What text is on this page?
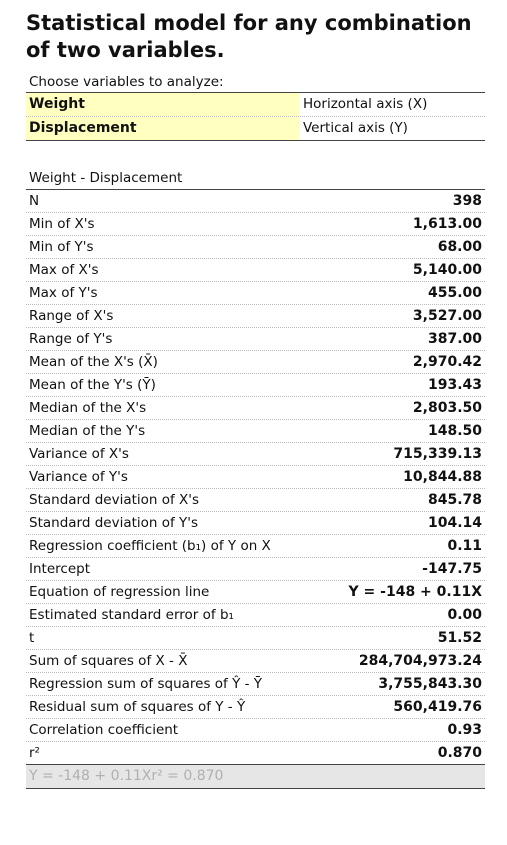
Statistical model for any combination of two variables.
Choose variables to analyze:
Weight	Horizontal axis (X)
Displacement	Vertical axis (Y)
Weight - Displacement
N	398
Min of X's	1,613.00
Min of Y's	68.00
Max of X's	5,140.00
Max of Y's	455.00
Range of X's	3,527.00
Range of Y's	387.00
Mean of the X's (X̄)	2,970.42
Mean of the Y's (Ȳ)	193.43
Median of the X's	2,803.50
Median of the Y's	148.50
Variance of X's	715,339.13
Variance of Y's	10,844.88
Standard deviation of X's	845.78
Standard deviation of Y's	104.14
Regression coefficient (b₁) of Y on X	0.11
Intercept	-147.75
Equation of regression line	Y = -148 + 0.11X
Estimated standard error of b₁	0.00
t	51.52
Sum of squares of X - X̄	284,704,973.24
Regression sum of squares of Ŷ - Ȳ	3,755,843.30
Residual sum of squares of Y - Ŷ	560,419.76
Correlation coefficient	0.93
r²	0.870
Y = -148 + 0.11Xr² = 0.870
